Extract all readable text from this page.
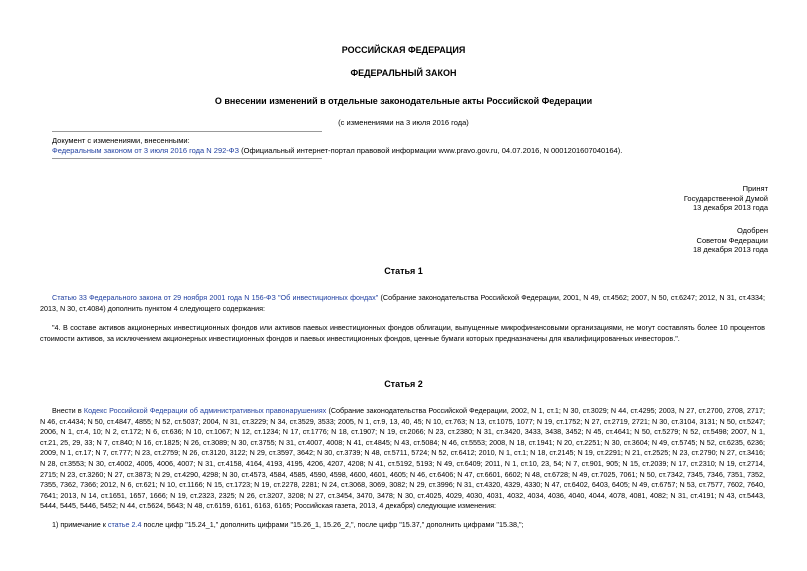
РОССИЙСКАЯ ФЕДЕРАЦИЯ
ФЕДЕРАЛЬНЫЙ ЗАКОН
О внесении изменений в отдельные законодательные акты Российской Федерации
(с изменениями на 3 июля 2016 года)
Документ с изменениями, внесенными:
Федеральным законом от 3 июля 2016 года N 292-ФЗ (Официальный интернет-портал правовой информации www.pravo.gov.ru, 04.07.2016, N 0001201607040164).
Принят
Государственной Думой
13 декабря 2013 года
Одобрен
Советом Федерации
18 декабря 2013 года
Статья 1
Статью 33 Федерального закона от 29 ноября 2001 года N 156-ФЗ "Об инвестиционных фондах" (Собрание законодательства Российской Федерации, 2001, N 49, ст.4562; 2007, N 50, ст.6247; 2012, N 31, ст.4334; 2013, N 30, ст.4084) дополнить пунктом 4 следующего содержания:
"4. В составе активов акционерных инвестиционных фондов или активов паевых инвестиционных фондов облигации, выпущенные микрофинансовыми организациями, не могут составлять более 10 процентов стоимости активов, за исключением акционерных инвестиционных фондов и паевых инвестиционных фондов, ценные бумаги которых предназначены для квалифицированных инвесторов.".
Статья 2
Внести в Кодекс Российской Федерации об административных правонарушениях (Собрание законодательства Российской Федерации, 2002, N 1, ст.1; N 30, ст.3029; N 44, ст.4295; 2003, N 27, ст.2700, 2708, 2717; N 46, ст.4434; N 50, ст.4847, 4855; N 52, ст.5037; 2004, N 31, ст.3229; N 34, ст.3529, 3533; 2005, N 1, ст.9, 13, 40, 45; N 10, ст.763; N 13, ст.1075, 1077; N 19, ст.1752; N 27, ст.2719, 2721; N 30, ст.3104, 3131; N 50, ст.5247; 2006, N 1, ст.4, 10; N 2, ст.172; N 6, ст.636; N 10, ст.1067; N 12, ст.1234; N 17, ст.1776; N 18, ст.1907; N 19, ст.2066; N 23, ст.2380; N 31, ст.3420, 3433, 3438, 3452; N 45, ст.4641; N 50, ст.5279; N 52, ст.5498; 2007, N 1, ст.21, 25, 29, 33; N 7, ст.840; N 16, ст.1825; N 26, ст.3089; N 30, ст.3755; N 31, ст.4007, 4008; N 41, ст.4845; N 43, ст.5084; N 46, ст.5553; 2008, N 18, ст.1941; N 20, ст.2251; N 30, ст.3604; N 49, ст.5745; N 52, ст.6235, 6236; 2009, N 1, ст.17; N 7, ст.777; N 23, ст.2759; N 26, ст.3120, 3122; N 29, ст.3597, 3642; N 30, ст.3739; N 48, ст.5711, 5724; N 52, ст.6412; 2010, N 1, ст.1; N 18, ст.2145; N 19, ст.2291; N 21, ст.2525; N 23, ст.2790; N 27, ст.3416; N 28, ст.3553; N 30, ст.4002, 4005, 4006, 4007; N 31, ст.4158, 4164, 4193, 4195, 4206, 4207, 4208; N 41, ст.5192, 5193; N 49, ст.6409; 2011, N 1, ст.10, 23, 54; N 7, ст.901, 905; N 15, ст.2039; N 17, ст.2310; N 19, ст.2714, 2715; N 23, ст.3260; N 27, ст.3873; N 29, ст.4290, 4298; N 30, ст.4573, 4584, 4585, 4590, 4598, 4600, 4601, 4605; N 46, ст.6406; N 47, ст.6601, 6602; N 48, ст.6728; N 49, ст.7025, 7061; N 50, ст.7342, 7345, 7346, 7351, 7352, 7355, 7362, 7366; 2012, N 6, ст.621; N 10, ст.1166; N 15, ст.1723; N 19, ст.2278, 2281; N 24, ст.3068, 3069, 3082; N 29, ст.3996; N 31, ст.4320, 4329, 4330; N 47, ст.6402, 6403, 6405; N 49, ст.6757; N 53, ст.7577, 7602, 7640, 7641; 2013, N 14, ст.1651, 1657, 1666; N 19, ст.2323, 2325; N 26, ст.3207, 3208; N 27, ст.3454, 3470, 3478; N 30, ст.4025, 4029, 4030, 4031, 4032, 4034, 4036, 4040, 4044, 4078, 4081, 4082; N 31, ст.4191; N 43, ст.5443, 5444, 5445, 5446, 5452; N 44, ст.5624, 5643; N 48, ст.6159, 6161, 6163, 6165; Российская газета, 2013, 4 декабря) следующие изменения:
1) примечание к статье 2.4 после цифр "15.24_1," дополнить цифрами "15.26_1, 15.26_2,", после цифр "15.37," дополнить цифрами "15.38,";
